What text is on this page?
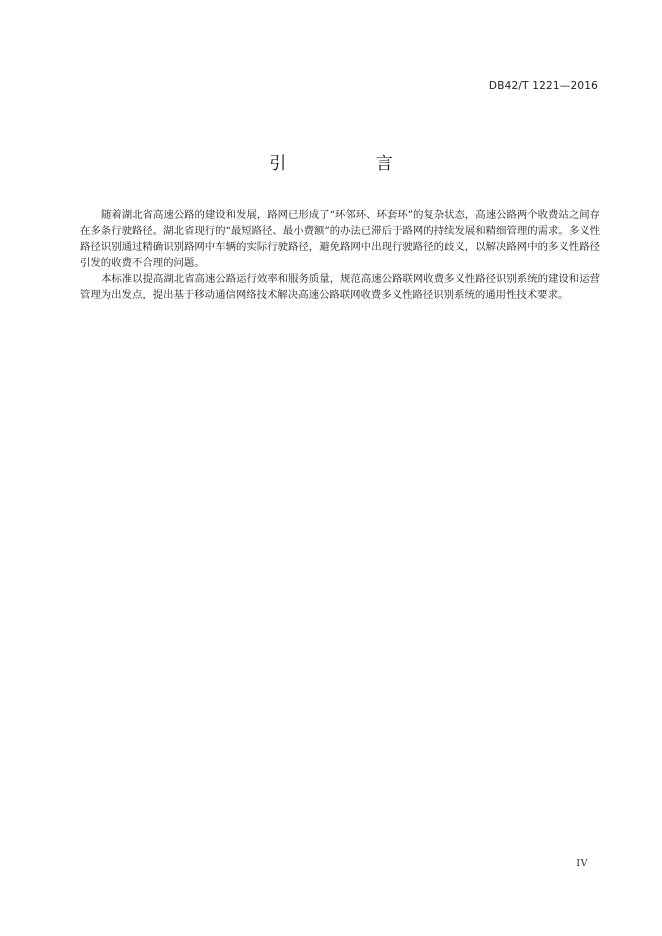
DB42/T 1221—2016
引 言

随着湖北省高速公路的建设和发展，路网已形成了“环邻环、环套环”的复杂状态，高速公路两个收费站之间存在多条行驶路径。湖北省现行的“最短路径、最小费额”的办法已滞后于路网的持续发展和精细管理的需求。多义性路径识别通过精确识别路网中车辆的实际行驶路径，避免路网中出现行驶路径的歧义，以解决路网中的多义性路径引发的收费不合理的问题。

本标准以提高湖北省高速公路运行效率和服务质量，规范高速公路联网收费多义性路径识别系统的建设和运营管理为出发点，提出基于移动通信网络技术解决高速公路联网收费多义性路径识别系统的通用性技术要求。

IV
